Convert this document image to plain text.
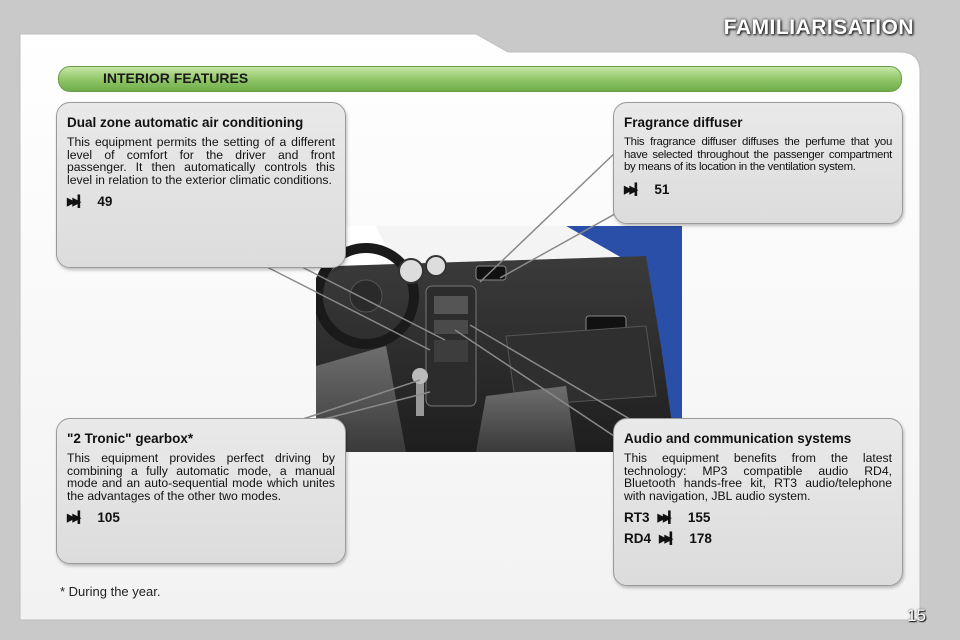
FAMILIARISATION
INTERIOR FEATURES
Dual zone automatic air conditioning

This equipment permits the setting of a different level of comfort for the driver and front passenger. It then automatically controls this level in relation to the exterior climatic conditions.

▶▶▎ 49
Fragrance diffuser

This fragrance diffuser diffuses the perfume that you have selected throughout the passenger compartment by means of its location in the ventilation system.

▶▶▎ 51
"2 Tronic" gearbox*

This equipment provides perfect driving by combining a fully automatic mode, a manual mode and an auto-sequential mode which unites the advantages of the other two modes.

▶▶▎ 105
Audio and communication systems

This equipment benefits from the latest technology: MP3 compatible audio RD4, Bluetooth hands-free kit, RT3 audio/telephone with navigation, JBL audio system.

RT3 ▶▶▎ 155
RD4 ▶▶▎ 178
* During the year.
15
